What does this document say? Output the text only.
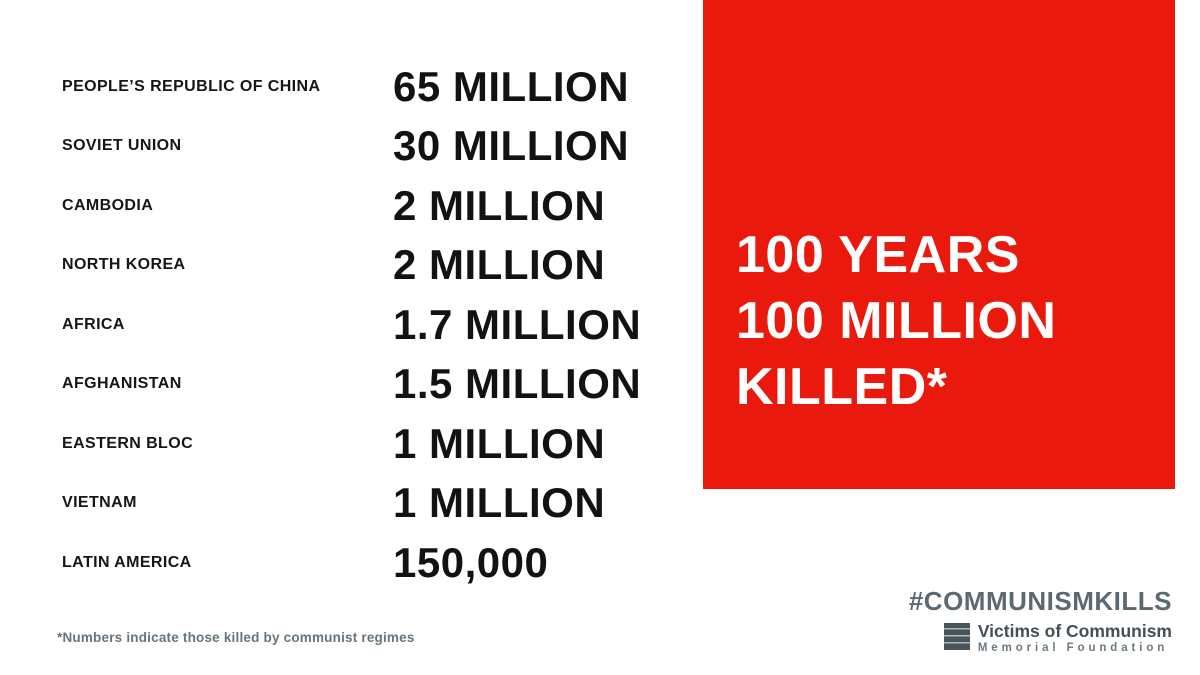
PEOPLE’S REPUBLIC OF CHINA	65 MILLION
SOVIET UNION	30 MILLION
CAMBODIA	2 MILLION
NORTH KOREA	2 MILLION
AFRICA	1.7 MILLION
AFGHANISTAN	1.5 MILLION
EASTERN BLOC	1 MILLION
VIETNAM	1 MILLION
LATIN AMERICA	150,000
100 YEARS
100 MILLION
KILLED*
*Numbers indicate those killed by communist regimes
#COMMUNISMKILLS
Victims of Communism
Memorial Foundation
